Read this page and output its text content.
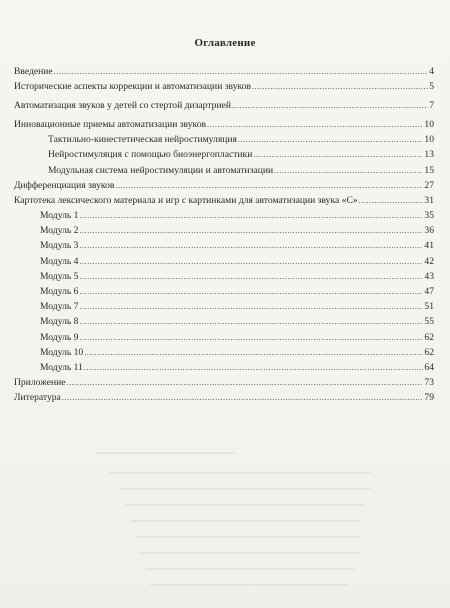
Оглавление
Введение .....	4
Исторические аспекты коррекции и автоматизации звуков .....	5
Автоматизация звуков у детей со стертой дизартрией .....	7
Инновационные приемы автоматизации звуков .....	10
Тактильно-кинестетическая нейростимуляция .....	10
Нейростимуляция с помощью биоэнергопластики .....	13
Модульная система нейростимуляции и автоматизации .....	15
Дифференциация звуков .....	27
Картотека лексического материала и игр с картинками для автоматизации звука «С» .....	31
Модуль 1 .....	35
Модуль 2 .....	36
Модуль 3 .....	41
Модуль 4 .....	42
Модуль 5 .....	43
Модуль 6 .....	47
Модуль 7 .....	51
Модуль 8 .....	55
Модуль 9 .....	62
Модуль 10 .....	62
Модуль 11 .....	64
Приложение .....	73
Литература .....	79
